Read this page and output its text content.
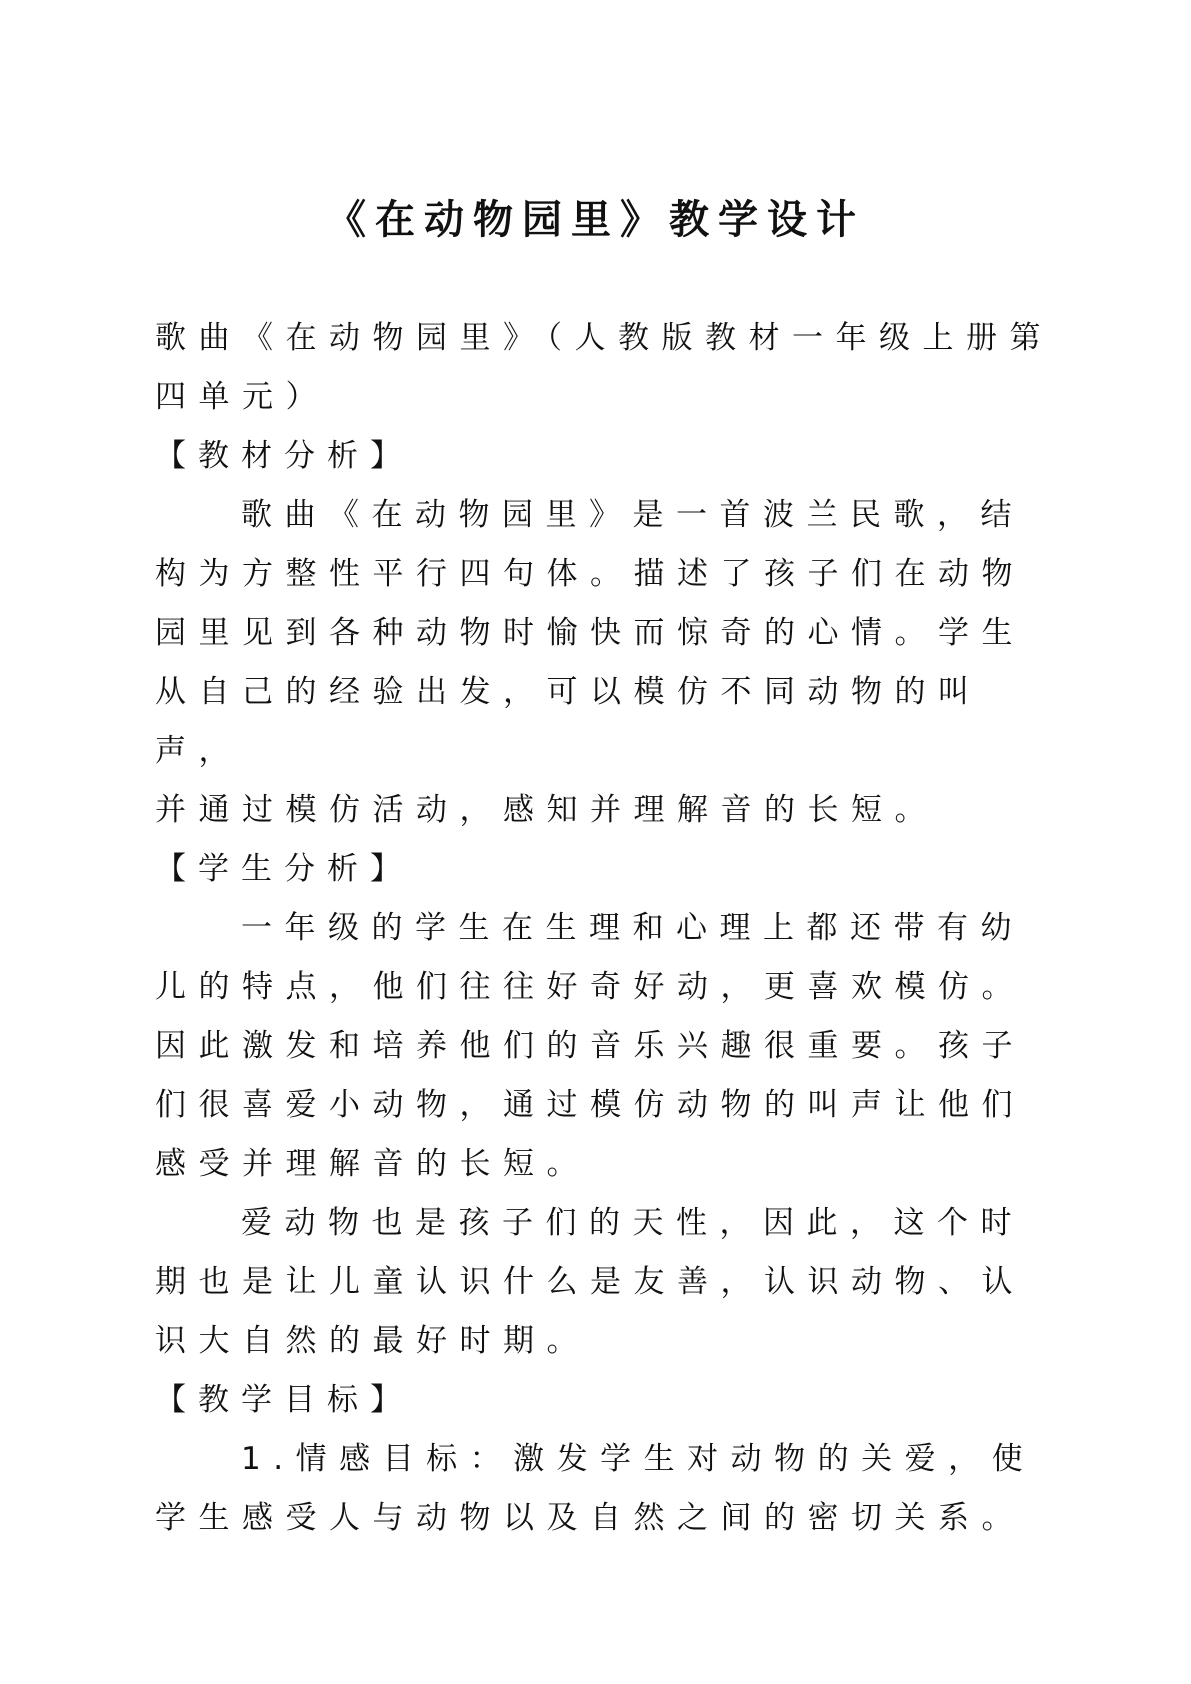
《在动物园里》教学设计

歌曲《在动物园里》（人教版教材一年级上册第四单元）

【教材分析】

歌曲《在动物园里》是一首波兰民歌，结构为方整性平行四句体。描述了孩子们在动物园里见到各种动物时愉快而惊奇的心情。学生从自己的经验出发，可以模仿不同动物的叫声，

并通过模仿活动，感知并理解音的长短。

【学生分析】

一年级的学生在生理和心理上都还带有幼儿的特点，他们往往好奇好动，更喜欢模仿。因此激发和培养他们的音乐兴趣很重要。孩子们很喜爱小动物，通过模仿动物的叫声让他们感受并理解音的长短。

爱动物也是孩子们的天性，因此，这个时期也是让儿童认识什么是友善，认识动物、认识大自然的最好时期。

【教学目标】

1.情感目标：激发学生对动物的关爱，使学生感受人与动物以及自然之间的密切关系。
